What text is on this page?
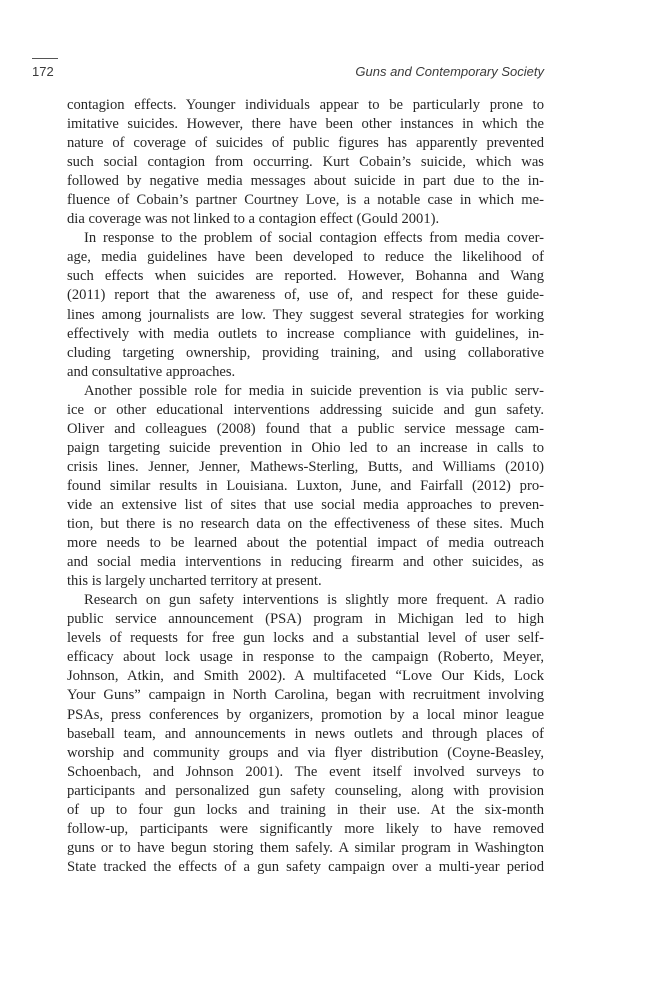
172	Guns and Contemporary Society
contagion effects. Younger individuals appear to be particularly prone to
imitative suicides. However, there have been other instances in which the
nature of coverage of suicides of public figures has apparently prevented
such social contagion from occurring. Kurt Cobain’s suicide, which was
followed by negative media messages about suicide in part due to the in-
fluence of Cobain’s partner Courtney Love, is a notable case in which me-
dia coverage was not linked to a contagion effect (Gould 2001).
In response to the problem of social contagion effects from media cover-
age, media guidelines have been developed to reduce the likelihood of
such effects when suicides are reported. However, Bohanna and Wang
(2011) report that the awareness of, use of, and respect for these guide-
lines among journalists are low. They suggest several strategies for working
effectively with media outlets to increase compliance with guidelines, in-
cluding targeting ownership, providing training, and using collaborative
and consultative approaches.
Another possible role for media in suicide prevention is via public serv-
ice or other educational interventions addressing suicide and gun safety.
Oliver and colleagues (2008) found that a public service message cam-
paign targeting suicide prevention in Ohio led to an increase in calls to
crisis lines. Jenner, Jenner, Mathews-Sterling, Butts, and Williams (2010)
found similar results in Louisiana. Luxton, June, and Fairfall (2012) pro-
vide an extensive list of sites that use social media approaches to preven-
tion, but there is no research data on the effectiveness of these sites. Much
more needs to be learned about the potential impact of media outreach
and social media interventions in reducing firearm and other suicides, as
this is largely uncharted territory at present.
Research on gun safety interventions is slightly more frequent. A radio
public service announcement (PSA) program in Michigan led to high
levels of requests for free gun locks and a substantial level of user self-
efficacy about lock usage in response to the campaign (Roberto, Meyer,
Johnson, Atkin, and Smith 2002). A multifaceted “Love Our Kids, Lock
Your Guns” campaign in North Carolina, began with recruitment involving
PSAs, press conferences by organizers, promotion by a local minor league
baseball team, and announcements in news outlets and through places of
worship and community groups and via flyer distribution (Coyne-Beasley,
Schoenbach, and Johnson 2001). The event itself involved surveys to
participants and personalized gun safety counseling, along with provision
of up to four gun locks and training in their use. At the six-month
follow-up, participants were significantly more likely to have removed
guns or to have begun storing them safely. A similar program in Washington
State tracked the effects of a gun safety campaign over a multi-year period
